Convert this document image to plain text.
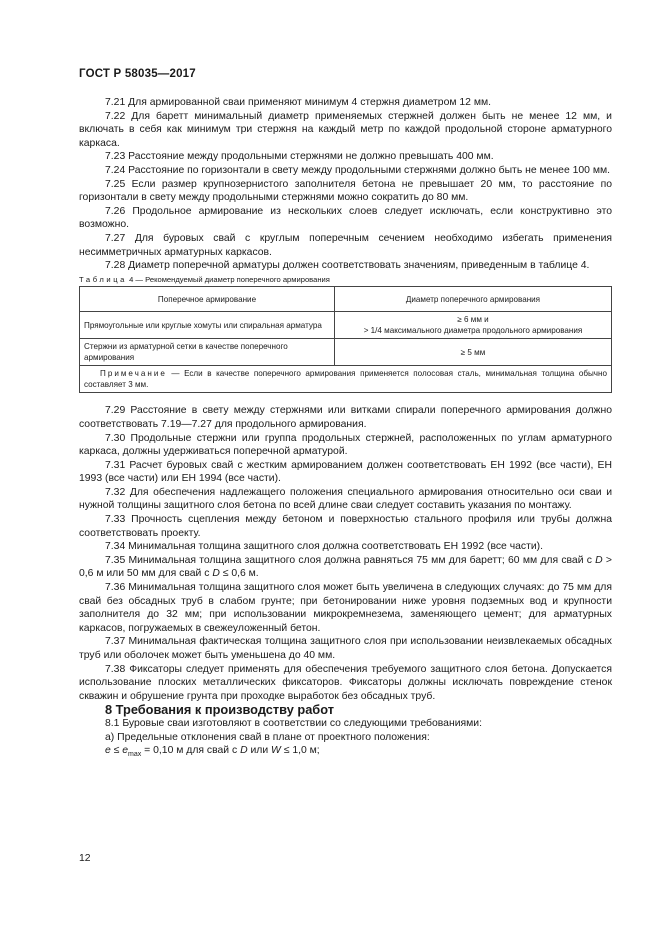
ГОСТ Р 58035—2017

7.21 Для армированной сваи применяют минимум 4 стержня диаметром 12 мм.

7.22 Для баретт минимальный диаметр применяемых стержней должен быть не менее 12 мм, и включать в себя как минимум три стержня на каждый метр по каждой продольной стороне арматурного каркаса.

7.23 Расстояние между продольными стержнями не должно превышать 400 мм.

7.24 Расстояние по горизонтали в свету между продольными стержнями должно быть не менее 100 мм.

7.25 Если размер крупнозернистого заполнителя бетона не превышает 20 мм, то расстояние по горизонтали в свету между продольными стержнями можно сократить до 80 мм.

7.26 Продольное армирование из нескольких слоев следует исключать, если конструктивно это возможно.

7.27 Для буровых свай с круглым поперечным сечением необходимо избегать применения несимметричных арматурных каркасов.

7.28 Диаметр поперечной арматуры должен соответствовать значениям, приведенным в таблице 4.

Таблица 4 — Рекомендуемый диаметр поперечного армирования

Поперечное армирование	Диаметр поперечного армирования
Прямоугольные или круглые хомуты или спиральная арматура	≥ 6 мм и
> 1/4 максимального диаметра продольного армирования

Стержни из арматурной сетки в качестве поперечного армирования	≥ 5 мм
Примечание — Если в качестве поперечного армирования применяется полосовая сталь, минимальная толщина обычно составляет 3 мм.	

7.29 Расстояние в свету между стержнями или витками спирали поперечного армирования должно соответствовать 7.19—7.27 для продольного армирования.

7.30 Продольные стержни или группа продольных стержней, расположенных по углам арматурного каркаса, должны удерживаться поперечной арматурой.

7.31 Расчет буровых свай с жестким армированием должен соответствовать ЕН 1992 (все части), ЕН 1993 (все части) или ЕН 1994 (все части).

7.32 Для обеспечения надлежащего положения специального армирования относительно оси сваи и нужной толщины защитного слоя бетона по всей длине сваи следует составить указания по монтажу.

7.33 Прочность сцепления между бетоном и поверхностью стального профиля или трубы должна соответствовать проекту.

7.34 Минимальная толщина защитного слоя должна соответствовать ЕН 1992 (все части).

7.35 Минимальная толщина защитного слоя должна равняться 75 мм для баретт; 60 мм для свай с D > 0,6 м или 50 мм для свай с D ≤ 0,6 м.

7.36 Минимальная толщина защитного слоя может быть увеличена в следующих случаях: до 75 мм для свай без обсадных труб в слабом грунте; при бетонировании ниже уровня подземных вод и крупности заполнителя до 32 мм; при использовании микрокремнезема, заменяющего цемент; для арматурных каркасов, погружаемых в свежеуложенный бетон.

7.37 Минимальная фактическая толщина защитного слоя при использовании неизвлекаемых обсадных труб или оболочек может быть уменьшена до 40 мм.

7.38 Фиксаторы следует применять для обеспечения требуемого защитного слоя бетона. Допускается использование плоских металлических фиксаторов. Фиксаторы должны исключать повреждение стенок скважин и обрушение грунта при проходке выработок без обсадных труб.

8 Требования к производству работ

8.1 Буровые сваи изготовляют в соответствии со следующими требованиями:

а) Предельные отклонения свай в плане от проектного положения:

$e \le e_{max} = 0,10$ м для свай с D или W ≤ 1,0 м;

12
